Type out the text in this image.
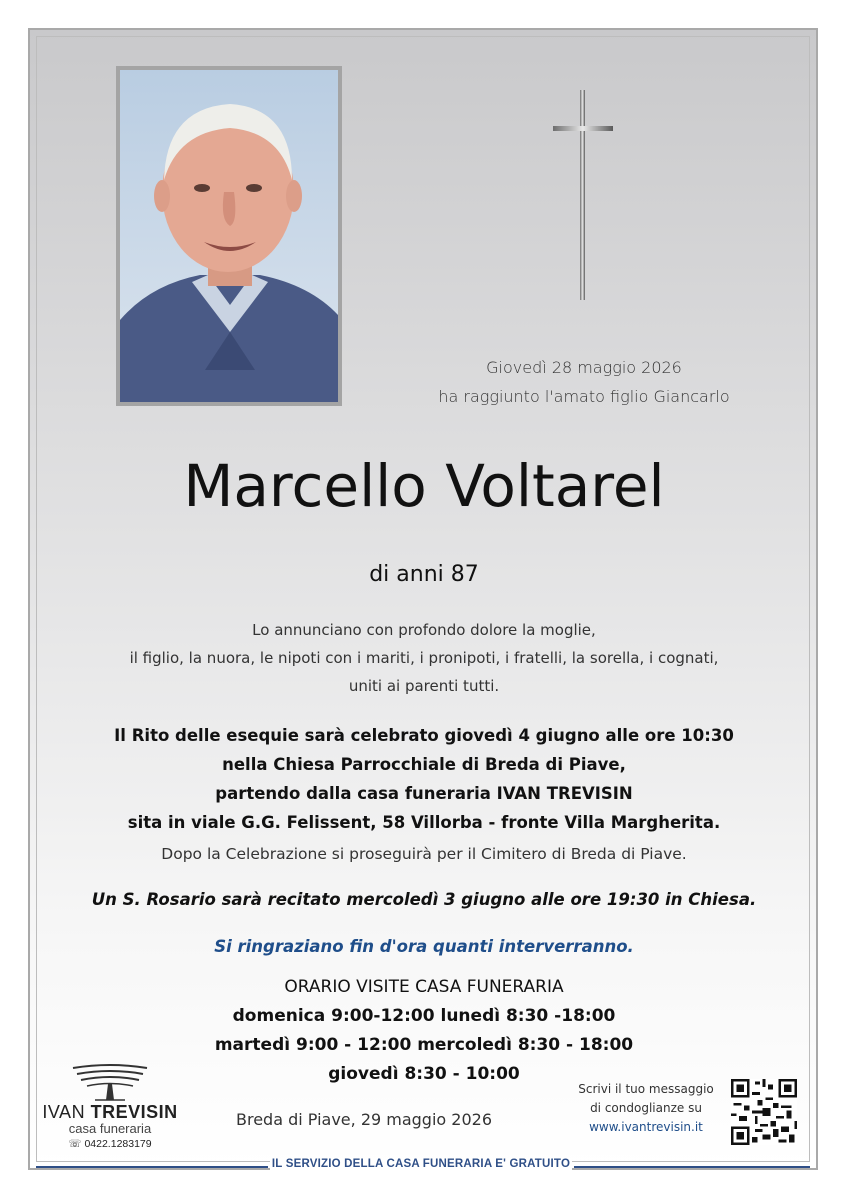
Giovedì 28 maggio 2026
ha raggiunto l'amato figlio Giancarlo
Marcello Voltarel
di anni 87
Lo annunciano con profondo dolore la moglie,
il figlio, la nuora, le nipoti con i mariti, i pronipoti, i fratelli, la sorella, i cognati,
uniti ai parenti tutti.
Il Rito delle esequie sarà celebrato giovedì 4 giugno alle ore 10:30
nella Chiesa Parrocchiale di Breda di Piave,
partendo dalla casa funeraria IVAN TREVISIN
sita in viale G.G. Felissent, 58 Villorba - fronte Villa Margherita.
Dopo la Celebrazione si proseguirà per il Cimitero di Breda di Piave.
Un S. Rosario sarà recitato mercoledì 3 giugno alle ore 19:30 in Chiesa.
Si ringraziano fin d'ora quanti interverranno.
ORARIO VISITE CASA FUNERARIA
domenica 9:00-12:00 lunedì 8:30 -18:00
martedì 9:00 - 12:00 mercoledì 8:30 - 18:00
giovedì 8:30 - 10:00
IVAN TREVISIN
casa funeraria
☏ 0422.1283179
Breda di Piave, 29 maggio 2026
Scrivi il tuo messaggio
di condoglianze su
www.ivantrevisin.it
IL SERVIZIO DELLA CASA FUNERARIA E' GRATUITO
